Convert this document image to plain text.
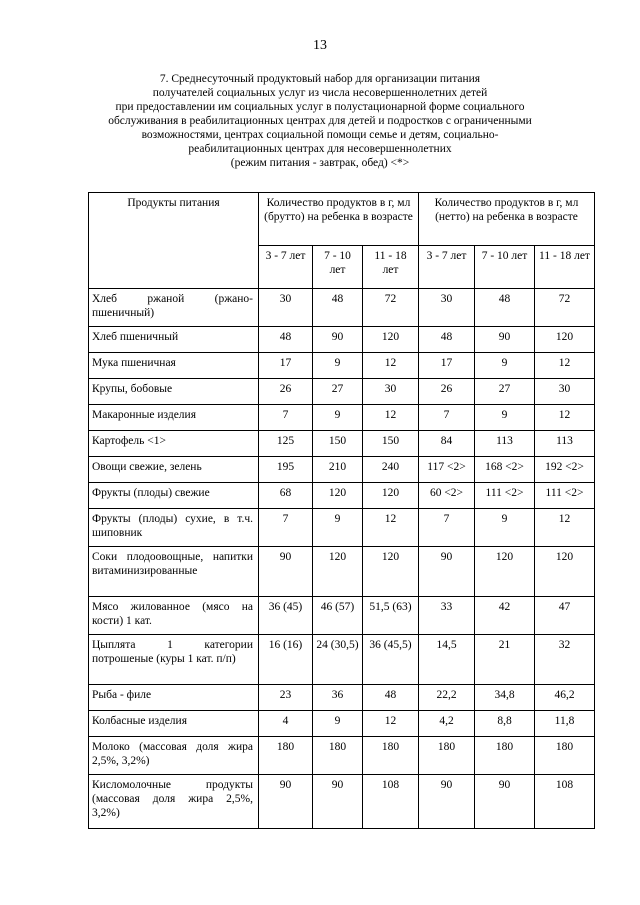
13
7. Среднесуточный продуктовый набор для организации питания
получателей социальных услуг из числа несовершеннолетних детей
при предоставлении им социальных услуг в полустационарной форме социального
обслуживания в реабилитационных центрах для детей и подростков с ограниченными
возможностями, центрах социальной помощи семье и детям, социально-
реабилитационных центрах для несовершеннолетних
(режим питания - завтрак, обед) <*>
Продукты питания	Количество продуктов в г, мл (брутто) на ребенка в возрасте			Количество продуктов в г, мл (нетто) на ребенка в возрасте		
	3 - 7 лет	7 - 10 лет	11 - 18 лет	3 - 7 лет	7 - 10 лет	11 - 18 лет
Хлеб ржаной (ржано-пшеничный)	30	48	72	30	48	72
Хлеб пшеничный	48	90	120	48	90	120
Мука пшеничная	17	9	12	17	9	12
Крупы, бобовые	26	27	30	26	27	30
Макаронные изделия	7	9	12	7	9	12
Картофель <1>	125	150	150	84	113	113
Овощи свежие, зелень	195	210	240	117 <2>	168 <2>	192 <2>
Фрукты (плоды) свежие	68	120	120	60 <2>	111 <2>	111 <2>
Фрукты (плоды) сухие, в т.ч. шиповник	7	9	12	7	9	12
Соки плодоовощные, напитки витаминизированные	90	120	120	90	120	120
Мясо жилованное (мясо на кости) 1 кат.	36 (45)	46 (57)	51,5 (63)	33	42	47
Цыплята 1 категории потрошеные (куры 1 кат. п/п)	16 (16)	24 (30,5)	36 (45,5)	14,5	21	32
Рыба - филе	23	36	48	22,2	34,8	46,2
Колбасные изделия	4	9	12	4,2	8,8	11,8
Молоко (массовая доля жира 2,5%, 3,2%)	180	180	180	180	180	180
Кисломолочные продукты (массовая доля жира 2,5%, 3,2%)	90	90	108	90	90	108
